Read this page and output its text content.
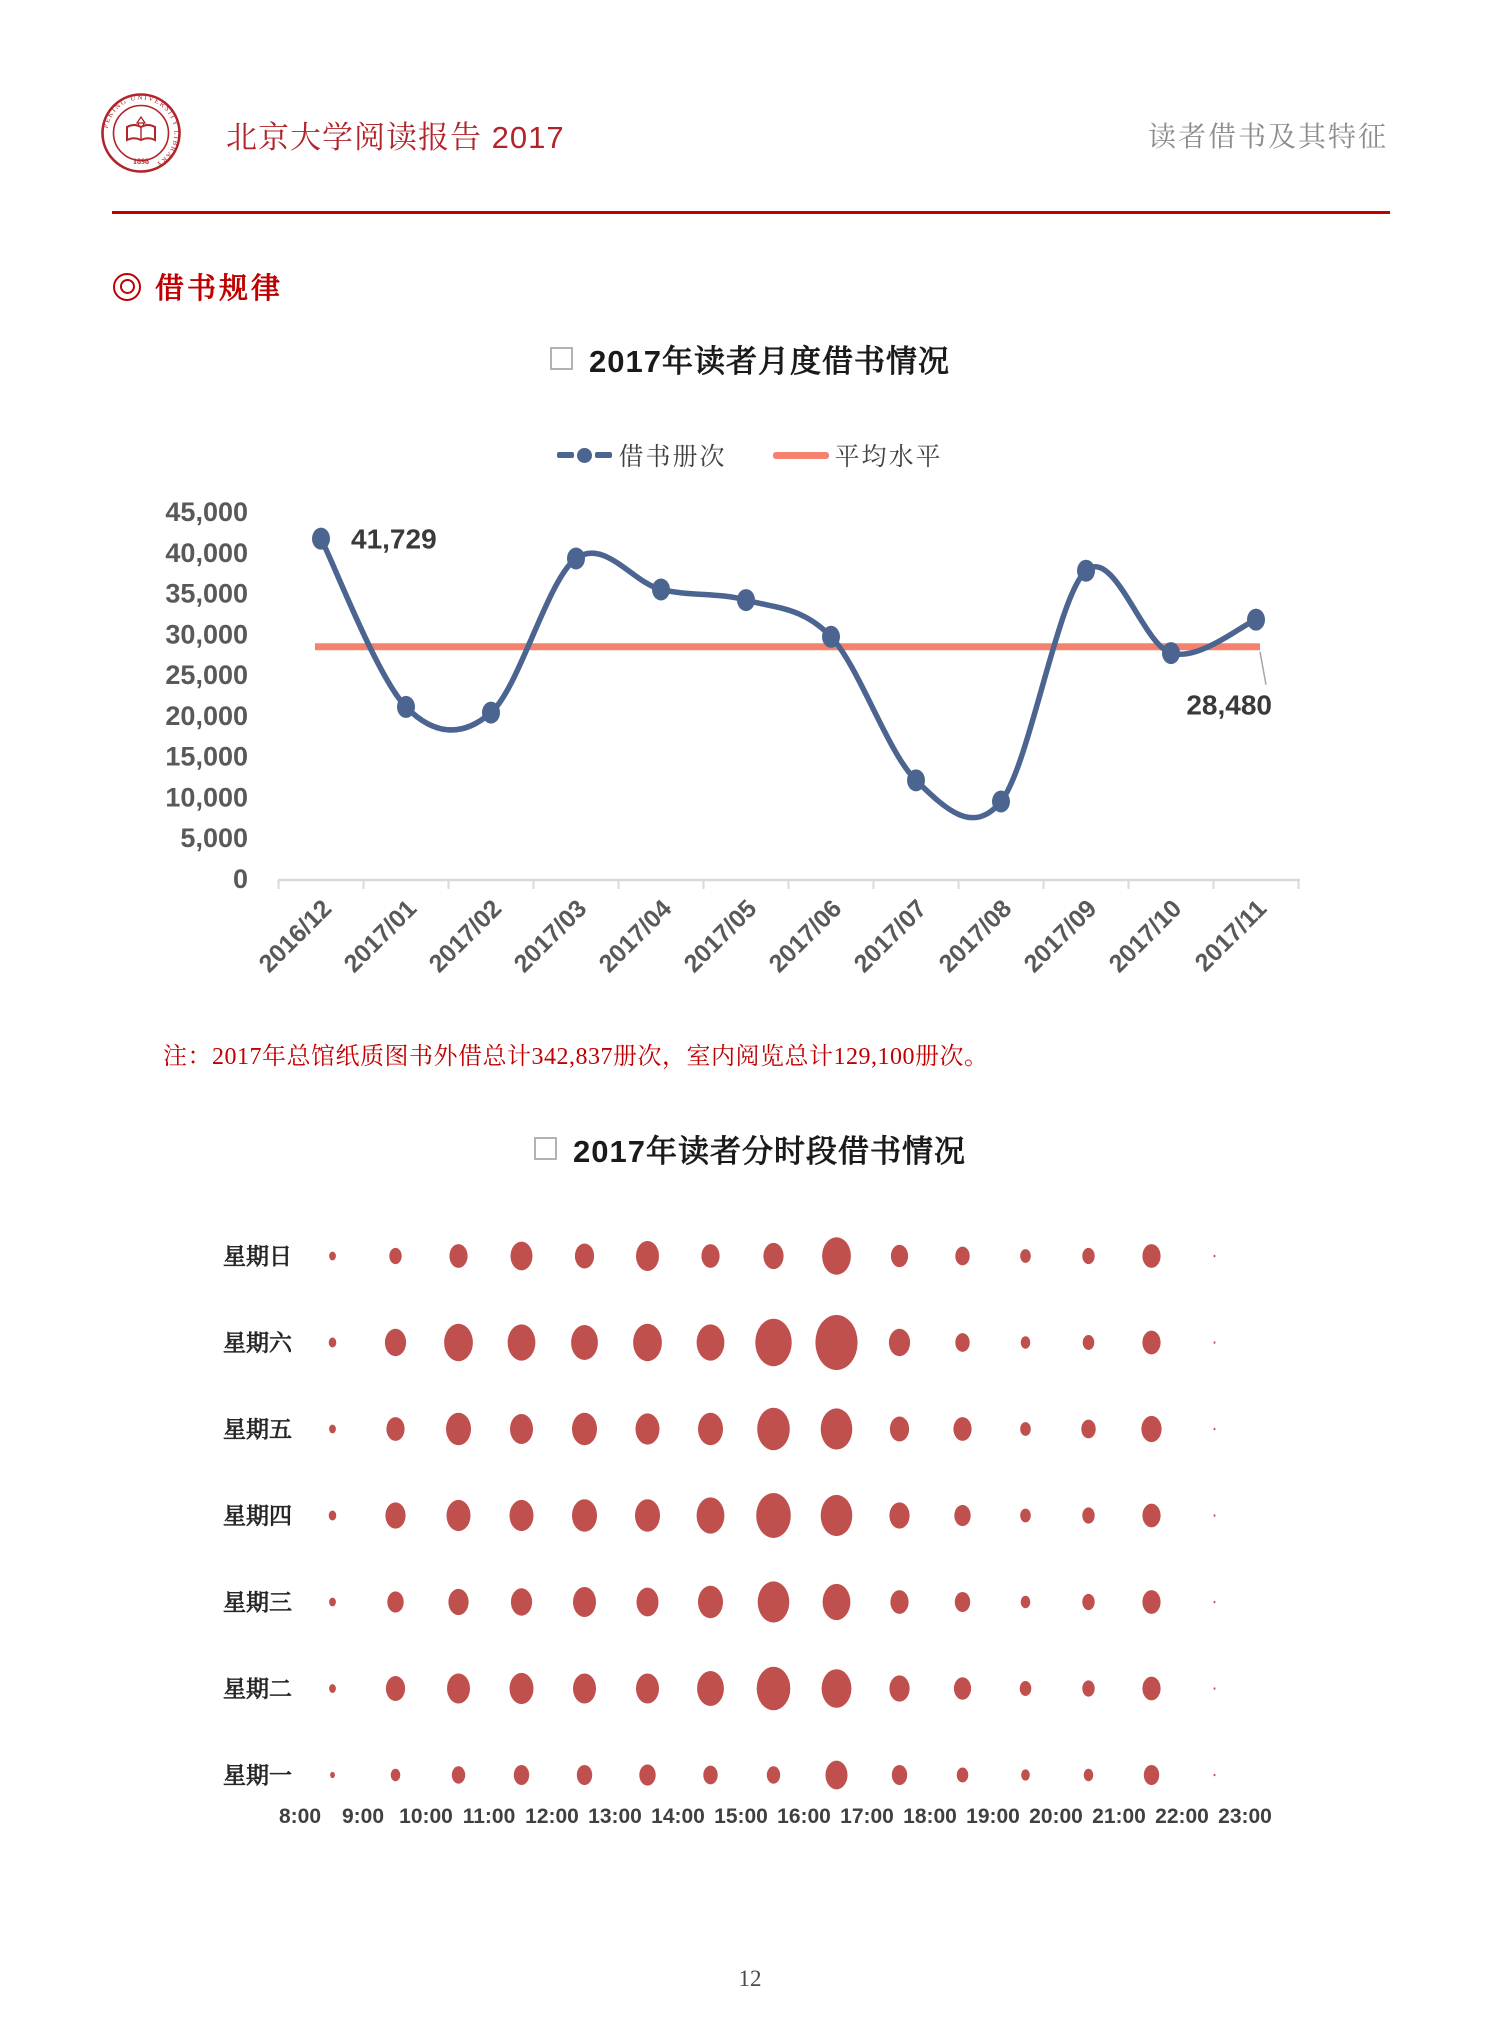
PEKING UNIVERSITY LIBRARY
1898
北京大学阅读报告 2017	读者借书及其特征
借书规律
2017年读者月度借书情况
借书册次	平均水平
45,000
40,000
35,000
30,000
25,000
20,000
15,000
10,000
5,000
0
2016/12 2017/01 2017/02 2017/03 2017/04 2017/05 2017/06 2017/07 2017/08 2017/09 2017/10 2017/11
41,729
28,480
注：2017年总馆纸质图书外借总计342,837册次，室内阅览总计129,100册次。
2017年读者分时段借书情况
星期日
星期六
星期五
星期四
星期三
星期二
星期一
8:00 9:00 10:00 11:00 12:00 13:00 14:00 15:00 16:00 17:00 18:00 19:00 20:00 21:00 22:00 23:00
12
